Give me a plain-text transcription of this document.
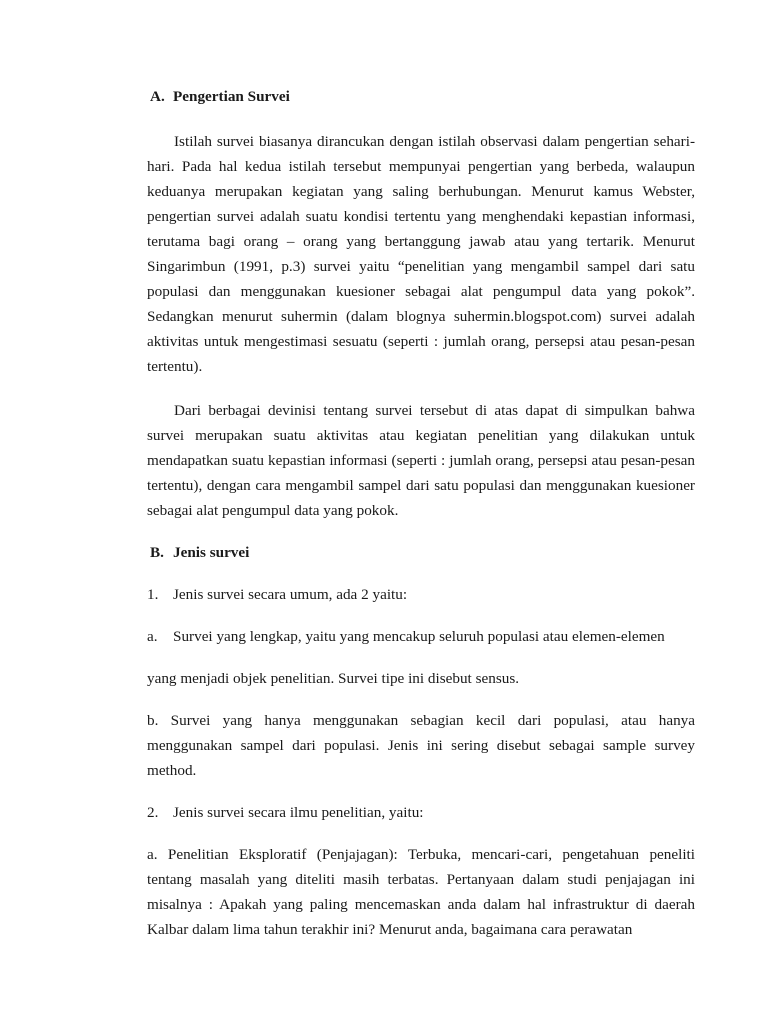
A. Pengertian Survei

Istilah survei biasanya dirancukan dengan istilah observasi dalam pengertian sehari-hari. Pada hal kedua istilah tersebut mempunyai pengertian yang berbeda, walaupun keduanya merupakan kegiatan yang saling berhubungan. Menurut kamus Webster, pengertian survei adalah suatu kondisi tertentu yang menghendaki kepastian informasi, terutama bagi orang – orang yang bertanggung jawab atau yang tertarik. Menurut Singarimbun (1991, p.3) survei yaitu “penelitian yang mengambil sampel dari satu populasi dan menggunakan kuesioner sebagai alat pengumpul data yang pokok”. Sedangkan menurut suhermin (dalam blognya suhermin.blogspot.com) survei adalah aktivitas untuk mengestimasi sesuatu (seperti : jumlah orang, persepsi atau pesan-pesan tertentu).

Dari berbagai devinisi tentang survei tersebut di atas dapat di simpulkan bahwa survei merupakan suatu aktivitas atau kegiatan penelitian yang dilakukan untuk mendapatkan suatu kepastian informasi (seperti : jumlah orang, persepsi atau pesan-pesan tertentu), dengan cara mengambil sampel dari satu populasi dan menggunakan kuesioner sebagai alat pengumpul data yang pokok.

B. Jenis survei

1. Jenis survei secara umum, ada 2 yaitu:

a. Survei yang lengkap, yaitu yang mencakup seluruh populasi atau elemen-elemen

yang menjadi objek penelitian. Survei tipe ini disebut sensus.

b. Survei yang hanya menggunakan sebagian kecil dari populasi, atau hanya menggunakan sampel dari populasi. Jenis ini sering disebut sebagai sample survey method.

2. Jenis survei secara ilmu penelitian, yaitu:

a. Penelitian Eksploratif (Penjajagan): Terbuka, mencari-cari, pengetahuan peneliti tentang masalah yang diteliti masih terbatas. Pertanyaan dalam studi penjajagan ini misalnya : Apakah yang paling mencemaskan anda dalam hal infrastruktur di daerah Kalbar dalam lima tahun terakhir ini? Menurut anda, bagaimana cara perawatan
